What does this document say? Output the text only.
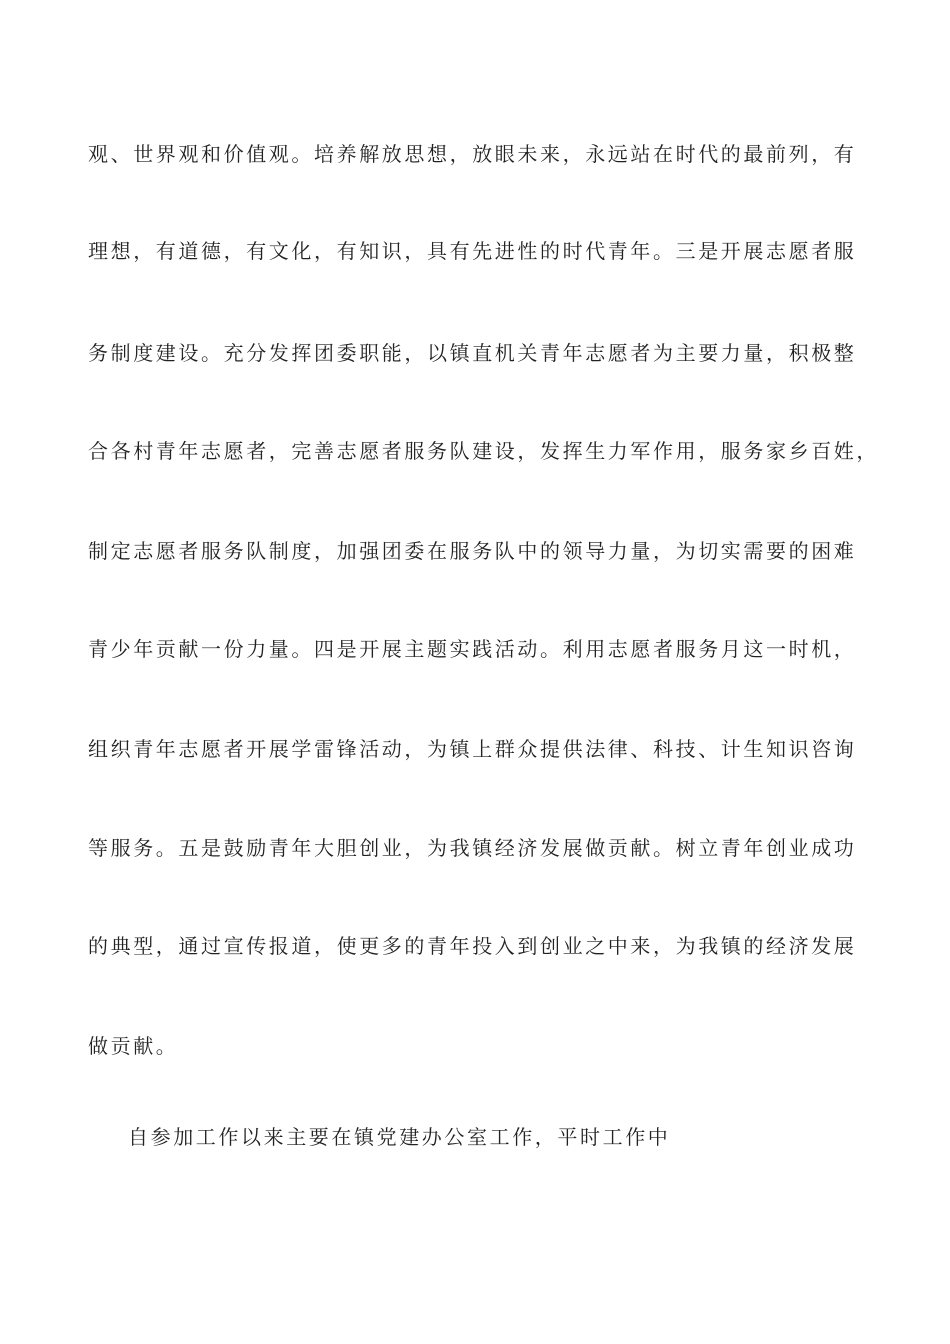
观、世界观和价值观。培养解放思想，放眼未来，永远站在时代的最前列，有
理想，有道德，有文化，有知识，具有先进性的时代青年。三是开展志愿者服
务制度建设。充分发挥团委职能，以镇直机关青年志愿者为主要力量，积极整
合各村青年志愿者，完善志愿者服务队建设，发挥生力军作用，服务家乡百姓，
制定志愿者服务队制度，加强团委在服务队中的领导力量，为切实需要的困难
青少年贡献一份力量。四是开展主题实践活动。利用志愿者服务月这一时机，
组织青年志愿者开展学雷锋活动，为镇上群众提供法律、科技、计生知识咨询
等服务。五是鼓励青年大胆创业，为我镇经济发展做贡献。树立青年创业成功
的典型，通过宣传报道，使更多的青年投入到创业之中来，为我镇的经济发展
做贡献。
自参加工作以来主要在镇党建办公室工作，平时工作中
